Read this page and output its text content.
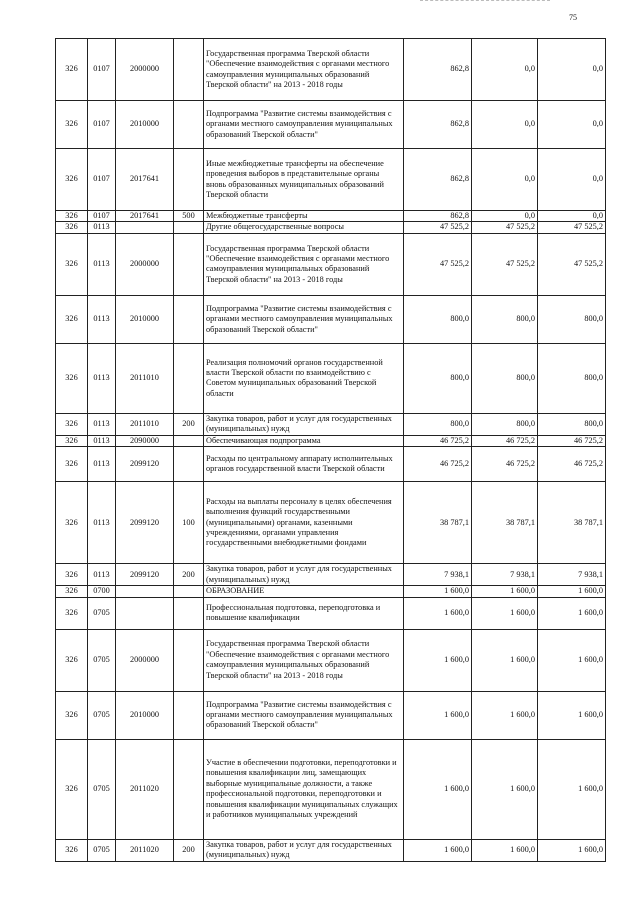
75
326	0107	2000000		Государственная программа Тверской области "Обеспечение взаимодействия с органами местного самоуправления муниципальных образований Тверской области" на 2013 - 2018 годы	862,8	0,0	0,0
326	0107	2010000		Подпрограмма "Развитие системы взаимодействия с органами местного самоуправления муниципальных образований Тверской области"	862,8	0,0	0,0
326	0107	2017641		Иные межбюджетные трансферты на обеспечение проведения выборов в представительные органы вновь образованных муниципальных образований Тверской области	862,8	0,0	0,0
326	0107	2017641	500	Межбюджетные трансферты	862,8	0,0	0,0
326	0113			Другие общегосударственные вопросы	47 525,2	47 525,2	47 525,2
326	0113	2000000		Государственная программа Тверской области "Обеспечение взаимодействия с органами местного самоуправления муниципальных образований Тверской области" на 2013 - 2018 годы	47 525,2	47 525,2	47 525,2
326	0113	2010000		Подпрограмма "Развитие системы взаимодействия с органами местного самоуправления муниципальных образований Тверской области"	800,0	800,0	800,0
326	0113	2011010		Реализация полномочий органов государственной власти Тверской области по взаимодействию с Советом муниципальных образований Тверской области	800,0	800,0	800,0
326	0113	2011010	200	Закупка товаров, работ и услуг для государственных (муниципальных) нужд	800,0	800,0	800,0
326	0113	2090000		Обеспечивающая подпрограмма	46 725,2	46 725,2	46 725,2
326	0113	2099120		Расходы по центральному аппарату исполнительных органов государственной власти Тверской области	46 725,2	46 725,2	46 725,2
326	0113	2099120	100	Расходы на выплаты персоналу в целях обеспечения выполнения функций государственными (муниципальными) органами, казенными учреждениями, органами управления государственными внебюджетными фондами	38 787,1	38 787,1	38 787,1
326	0113	2099120	200	Закупка товаров, работ и услуг для государственных (муниципальных) нужд	7 938,1	7 938,1	7 938,1
326	0700			ОБРАЗОВАНИЕ	1 600,0	1 600,0	1 600,0
326	0705			Профессиональная подготовка, переподготовка и повышение квалификации	1 600,0	1 600,0	1 600,0
326	0705	2000000		Государственная программа Тверской области "Обеспечение взаимодействия с органами местного самоуправления муниципальных образований Тверской области" на 2013 - 2018 годы	1 600,0	1 600,0	1 600,0
326	0705	2010000		Подпрограмма "Развитие системы взаимодействия с органами местного самоуправления муниципальных образований Тверской области"	1 600,0	1 600,0	1 600,0
326	0705	2011020		Участие в обеспечении подготовки, переподготовки и повышения квалификации лиц, замещающих выборные муниципальные должности, а также профессиональной подготовки, переподготовки и повышения квалификации муниципальных служащих и работников муниципальных учреждений	1 600,0	1 600,0	1 600,0
326	0705	2011020	200	Закупка товаров, работ и услуг для государственных (муниципальных) нужд	1 600,0	1 600,0	1 600,0
